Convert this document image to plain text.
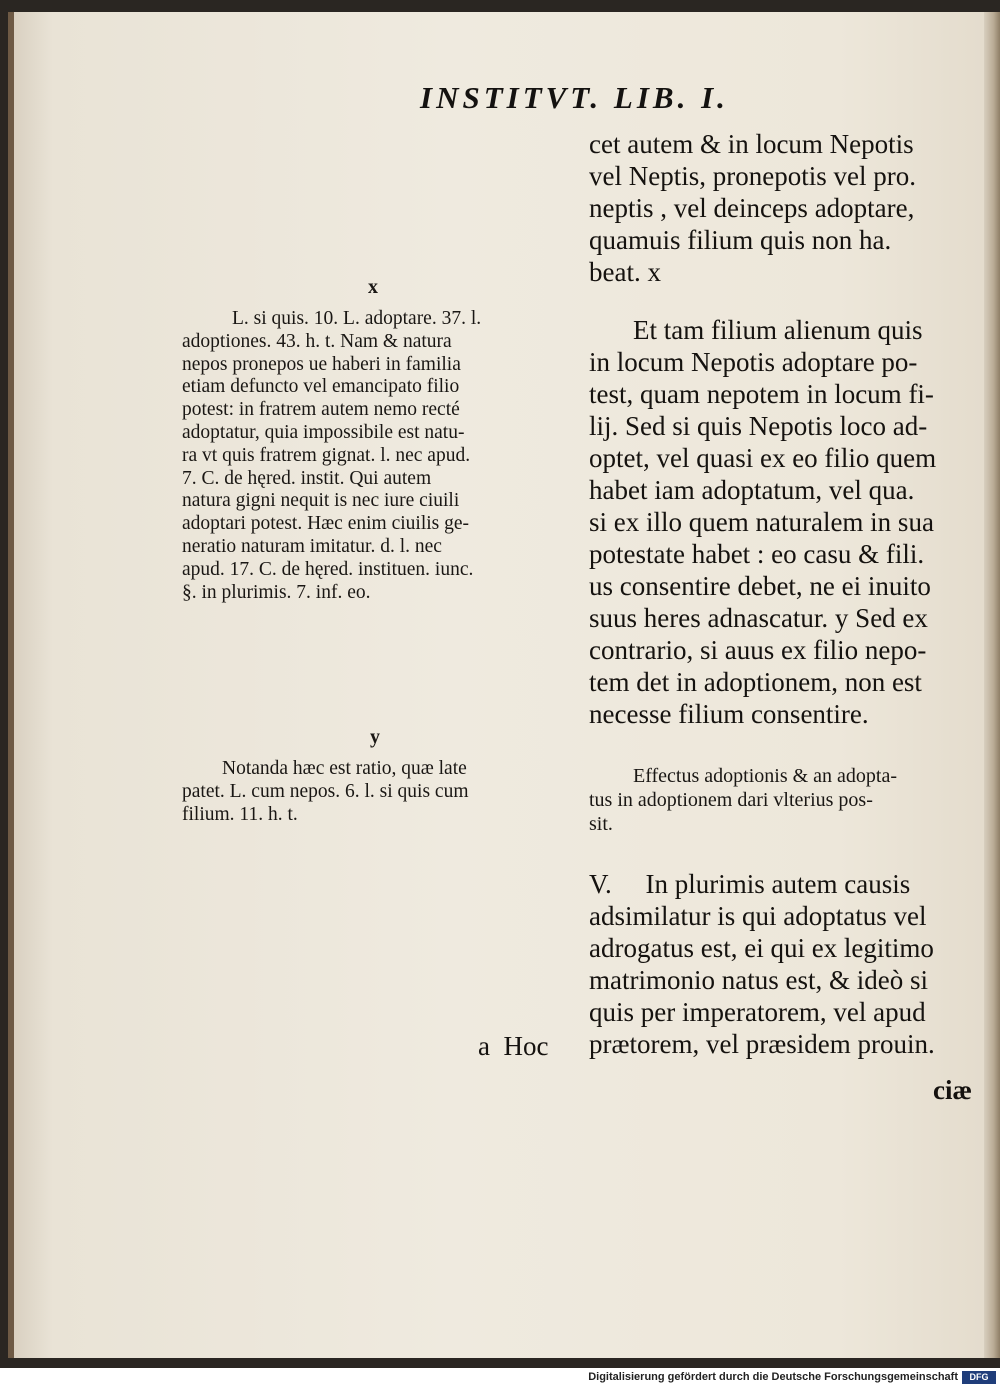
INSTITVT. LIB. I.

cet autem & in locum Nepotis
vel Neptis, pronepotis vel pro.
neptis , vel deinceps adoptare,
quamuis filium quis non ha.
beat. x

Et tam filium alienum quis
in locum Nepotis adoptare po-
test, quam nepotem in locum fi-
lij. Sed si quis Nepotis loco ad-
optet, vel quasi ex eo filio quem
habet iam adoptatum, vel qua.
si ex illo quem naturalem in sua
potestate habet : eo casu & fili.
us consentire debet, ne ei inuito
suus heres adnascatur. y Sed ex
contrario, si auus ex filio nepo-
tem det in adoptionem, non est
necesse filium consentire.

Effectus adoptionis & an adopta-
tus in adoptionem dari vlterius pos-
sit.

V.     In plurimis autem causis
adsimilatur is qui adoptatus vel
adrogatus est, ei qui ex legitimo
matrimonio natus est, & ideò si
quis per imperatorem, vel apud
prætorem, vel præsidem prouin.

x

L. si quis. 10. L. adoptare. 37. l.
adoptiones. 43. h. t. Nam & natura
nepos pronepos ue haberi in familia
etiam defuncto vel emancipato filio
potest: in fratrem autem nemo recté
adoptatur, quia impossibile est natu-
ra vt quis fratrem gignat. l. nec apud.
7. C. de hęred. instit. Qui autem
natura gigni nequit is nec iure ciuili
adoptari potest. Hæc enim ciuilis ge-
neratio naturam imitatur. d. l. nec
apud. 17. C. de hęred. instituen. iunc.
§. in plurimis. 7. inf. eo.

y

Notanda hæc est ratio, quæ late
patet. L. cum nepos. 6. l. si quis cum
filium. 11. h. t.

a  Hoc
ciæ
Digitalisierung gefördert durch die Deutsche Forschungsgemeinschaft	DFG
